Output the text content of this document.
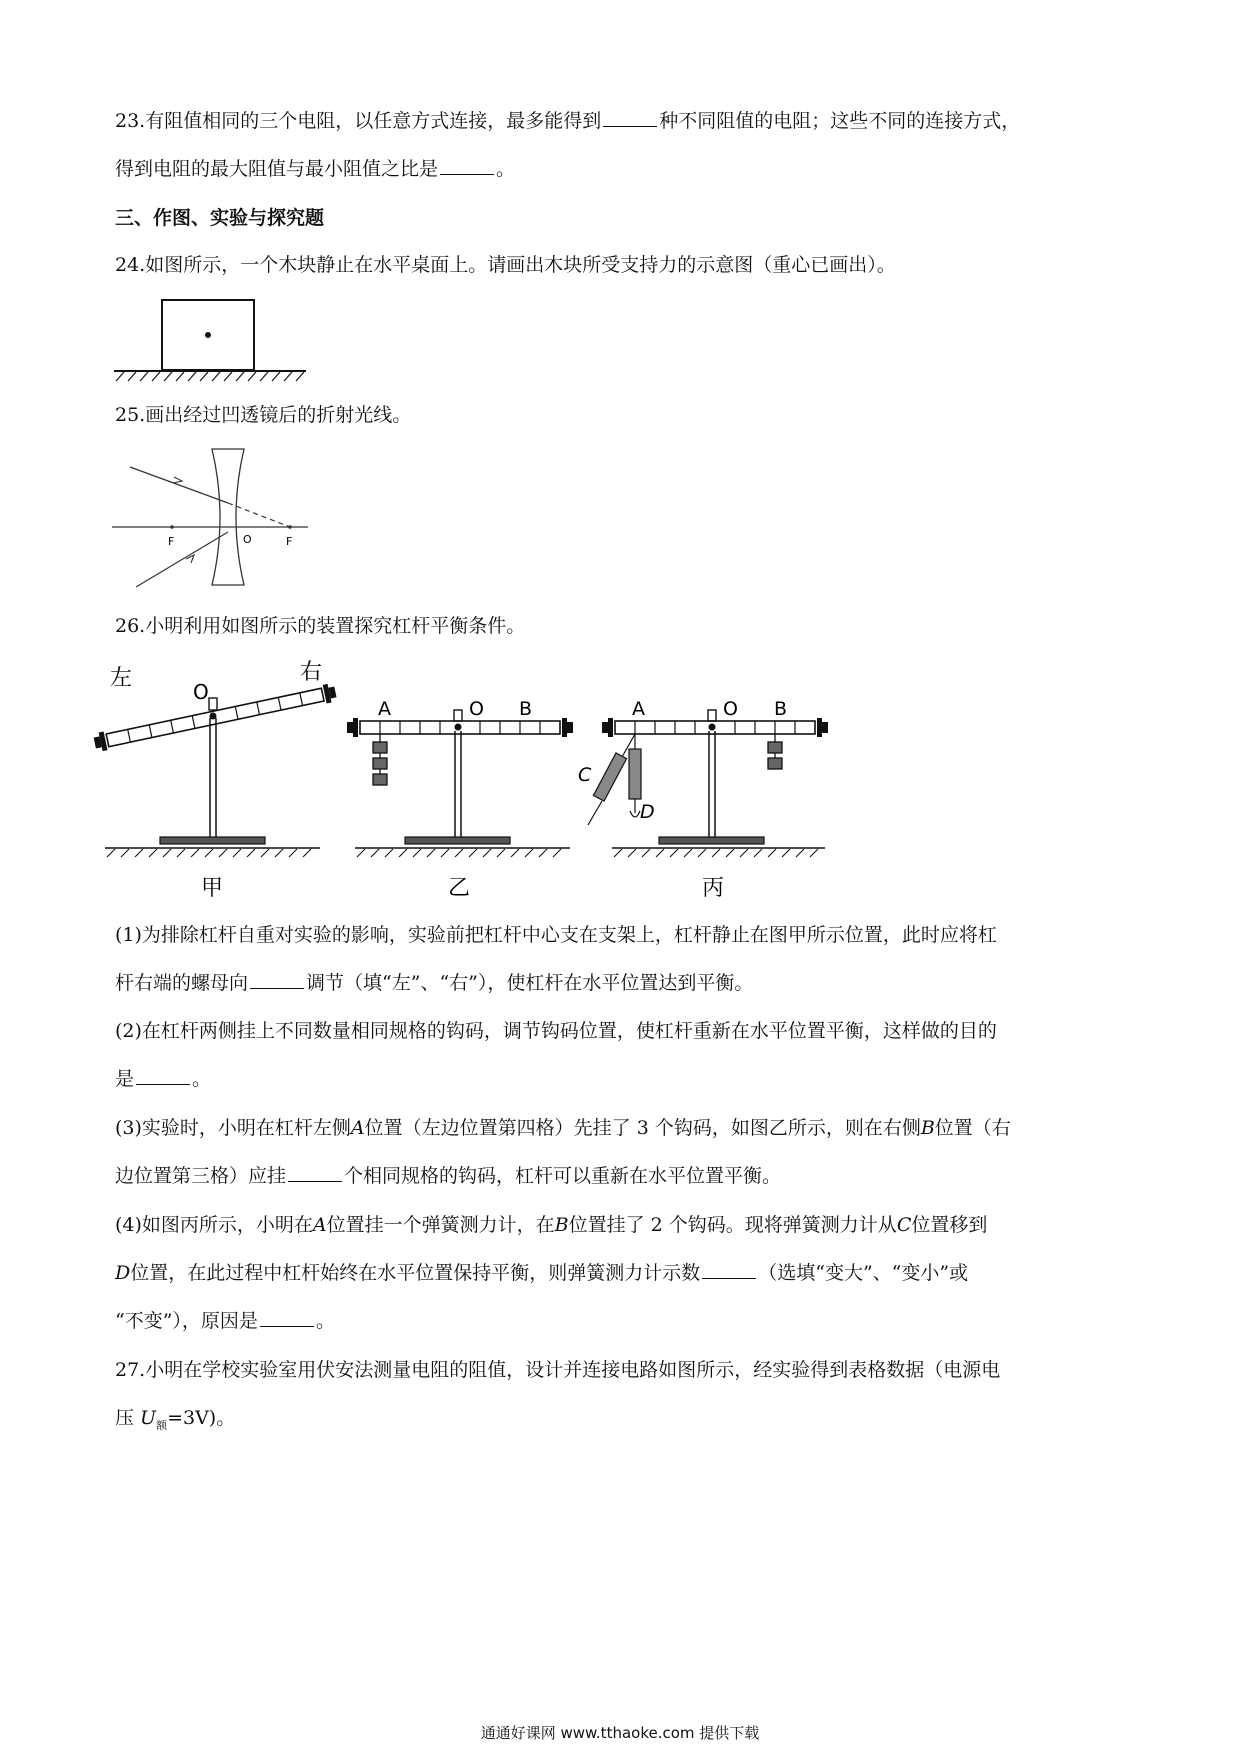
23.有阻值相同的三个电阻，以任意方式连接，最多能得到	种不同阻值的电阻；这些不同的连接方式，
得到电阻的最大阻值与最小阻值之比是	。
三、作图、实验与探究题
24.如图所示，一个木块静止在水平桌面上。请画出木块所受支持力的示意图（重心已画出）。
25.画出经过凹透镜后的折射光线。
F	O	F
26.小明利用如图所示的装置探究杠杆平衡条件。
左	右
O
甲
A	O B
乙
A	O B
C
D
丙
(1)为排除杠杆自重对实验的影响，实验前把杠杆中心支在支架上，杠杆静止在图甲所示位置，此时应将杠
杆右端的螺母向	调节（填“左”、“右”），使杠杆在水平位置达到平衡。
(2)在杠杆两侧挂上不同数量相同规格的钩码，调节钩码位置，使杠杆重新在水平位置平衡，这样做的目的
是	。
(3)实验时，小明在杠杆左侧A位置（左边位置第四格）先挂了 3 个钩码，如图乙所示，则在右侧B位置（右
边位置第三格）应挂	个相同规格的钩码，杠杆可以重新在水平位置平衡。
(4)如图丙所示，小明在A位置挂一个弹簧测力计，在B位置挂了 2 个钩码。现将弹簧测力计从C位置移到
D位置，在此过程中杠杆始终在水平位置保持平衡，则弹簧测力计示数	（选填“变大”、“变小”或
“不变”），原因是	。
27.小明在学校实验室用伏安法测量电阻的阻值，设计并连接电路如图所示，经实验得到表格数据（电源电
压 $U_额=3V$)。
通通好课网 www.tthaoke.com 提供下载
